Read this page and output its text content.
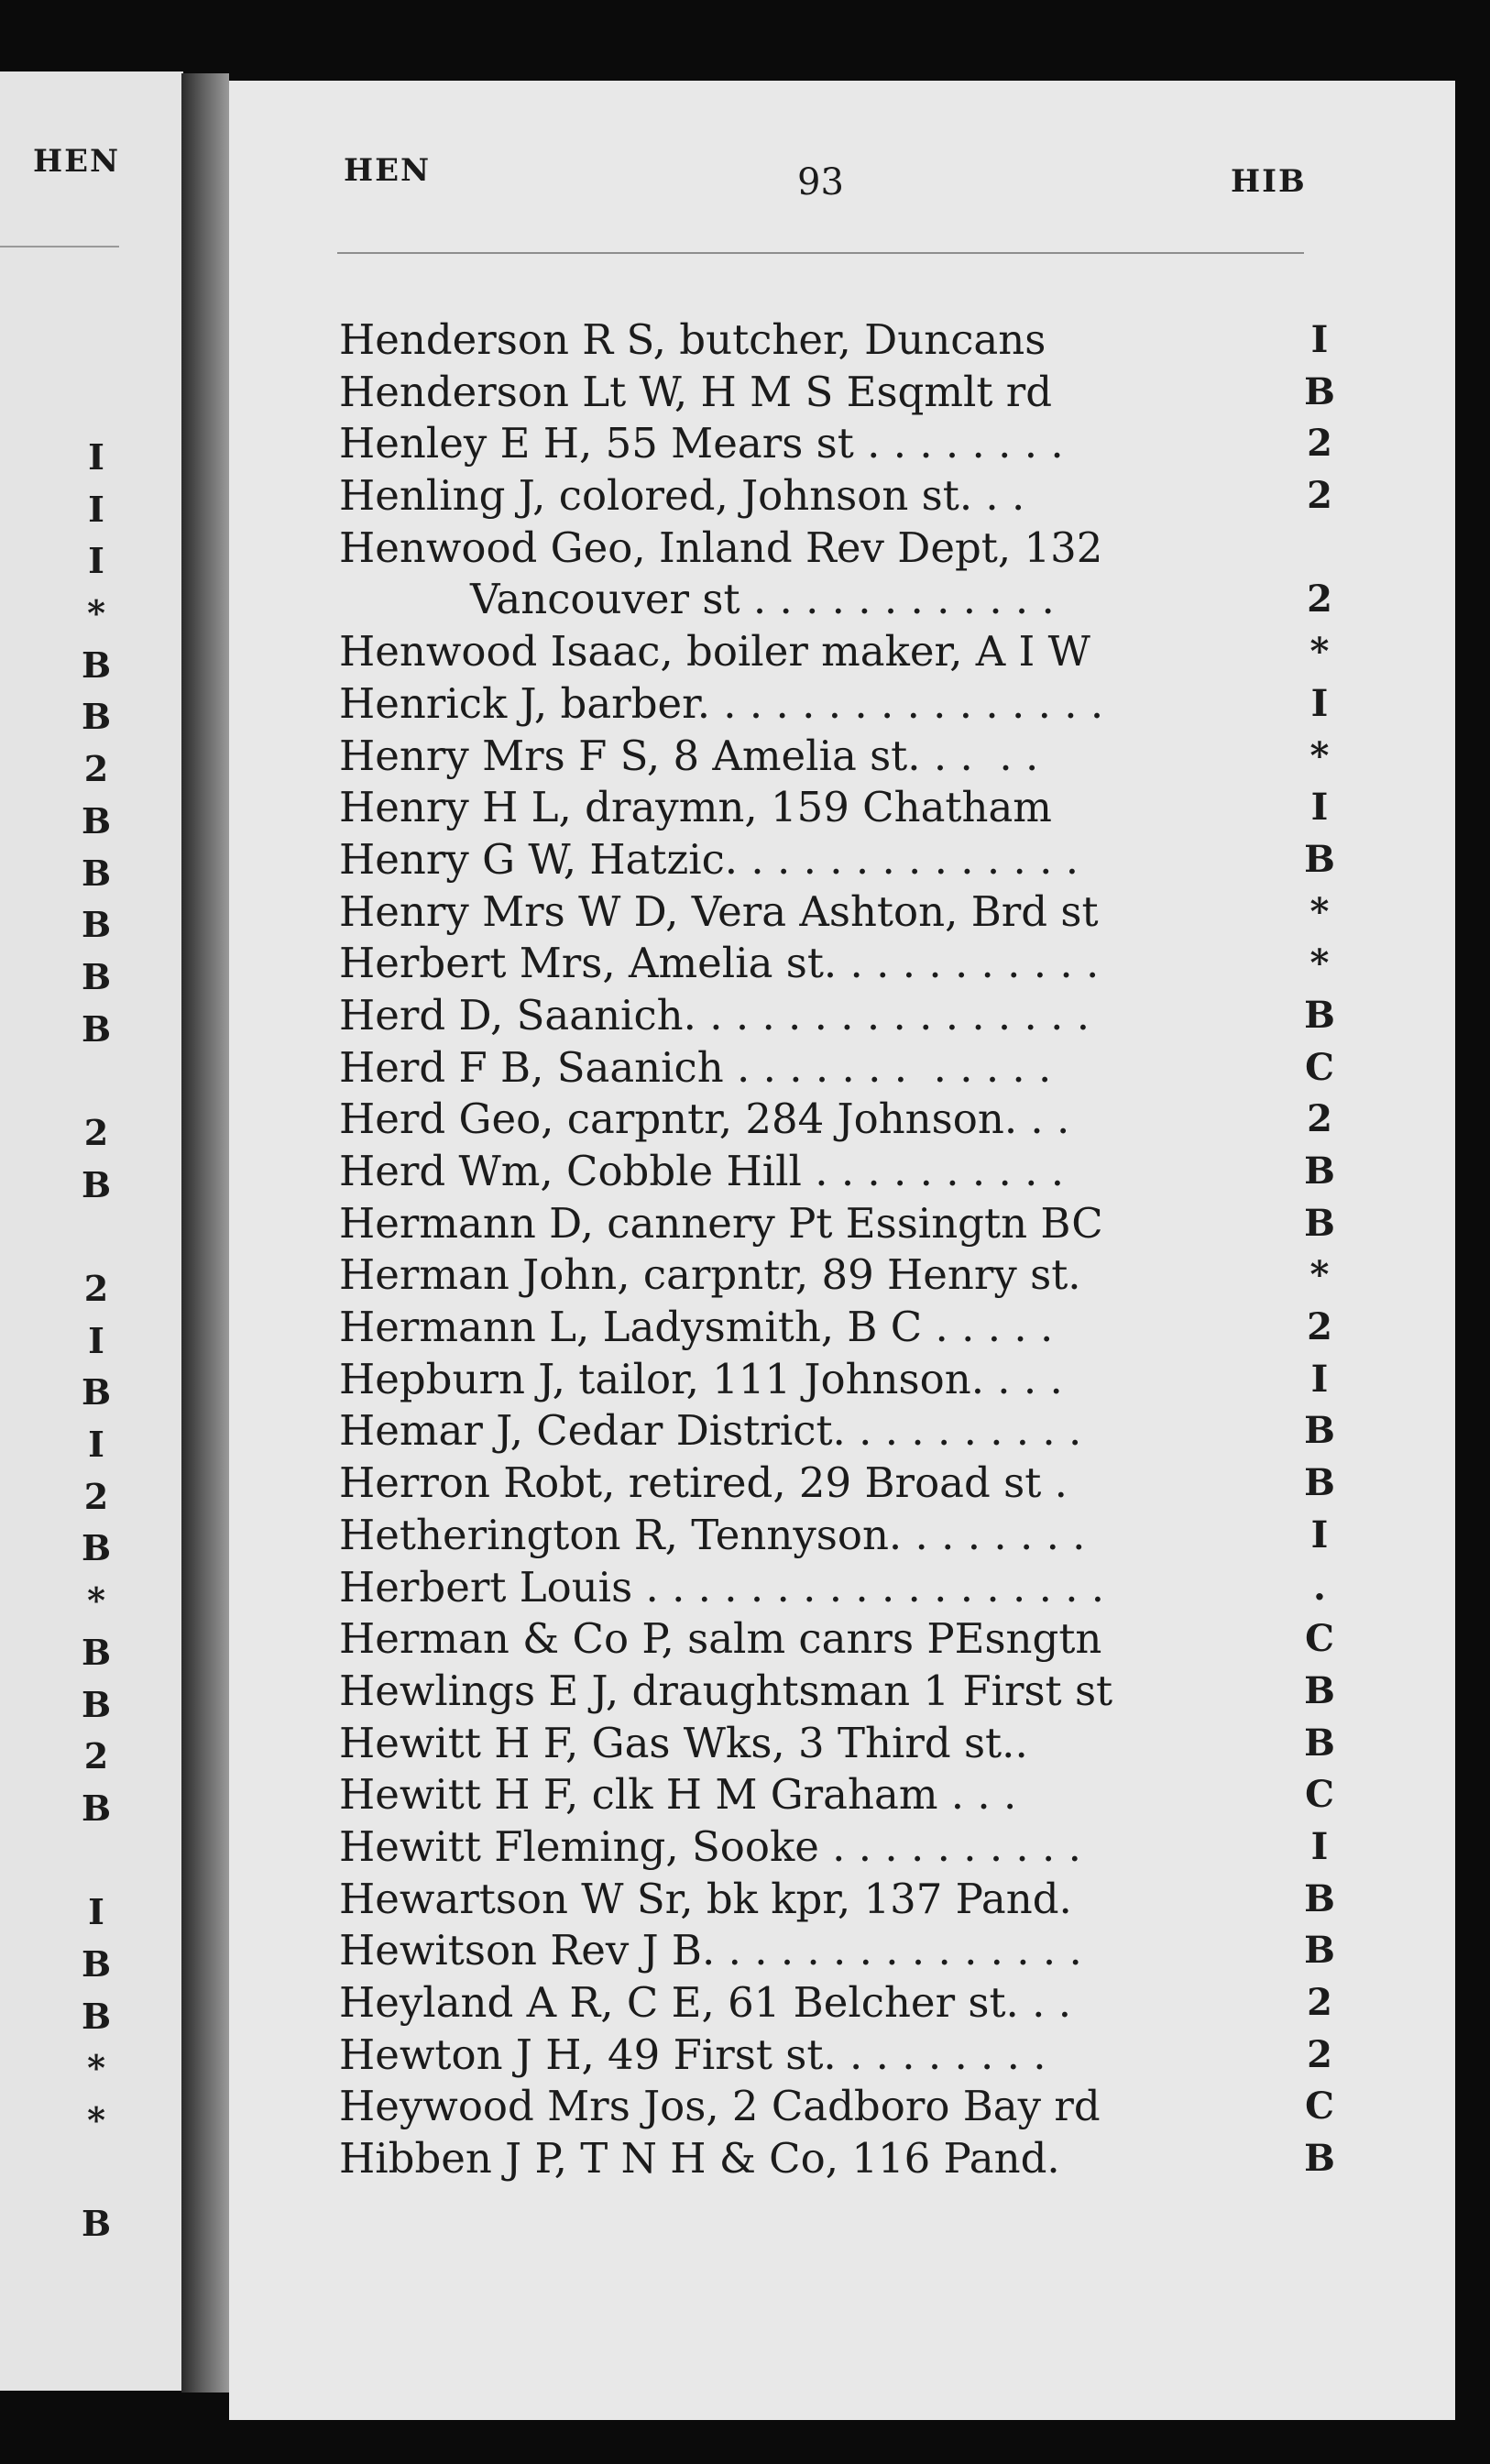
HEN
I
I
I
*
B
B
2
B
B
B
B
B
2
B
2
I
B
I
2
B
*
B
B
2
B
I
B
B
*
*
B
HEN	93	HIB
Henderson R S, butcher, Duncans	I
Henderson Lt W, H M S Esqmlt rd	B
Henley E H, 55 Mears st . . . . . . . .	2
Henling J, colored, Johnson st. . .	2
Henwood Geo, Inland Rev Dept, 132
Vancouver st . . . . . . . . . . . .	2
Henwood Isaac, boiler maker, A I W	*
Henrick J, barber. . . . . . . . . . . . . . . .	I
Henry Mrs F S, 8 Amelia st. . .  . .	*
Henry H L, draymn, 159 Chatham	I
Henry G W, Hatzic. . . . . . . . . . . . . .	B
Henry Mrs W D, Vera Ashton, Brd st	*
Herbert Mrs, Amelia st. . . . . . . . . . .	*
Herd D, Saanich. . . . . . . . . . . . . . . .	B
Herd F B, Saanich . . . . . . .  . . . . .	C
Herd Geo, carpntr, 284 Johnson. . .	2
Herd Wm, Cobble Hill . . . . . . . . . .	B
Hermann D, cannery Pt Essingtn BC	B
Herman John, carpntr, 89 Henry st.	*
Hermann L, Ladysmith, B C . . . . .	2
Hepburn J, tailor, 111 Johnson. . . .	I
Hemar J, Cedar District. . . . . . . . . .	B
Herron Robt, retired, 29 Broad st .	B
Hetherington R, Tennyson. . . . . . . .	I
Herbert Louis . . . . . . . . . . . . . . . . . .	.
Herman & Co P, salm canrs PEsngtn	C
Hewlings E J, draughtsman 1 First st	B
Hewitt H F, Gas Wks, 3 Third st..	B
Hewitt H F, clk H M Graham . . .	C
Hewitt Fleming, Sooke . . . . . . . . . .	I
Hewartson W Sr, bk kpr, 137 Pand.	B
Hewitson Rev J B. . . . . . . . . . . . . . .	B
Heyland A R, C E, 61 Belcher st. . .	2
Hewton J H, 49 First st. . . . . . . . .	2
Heywood Mrs Jos, 2 Cadboro Bay rd	C
Hibben J P, T N H & Co, 116 Pand.	B
